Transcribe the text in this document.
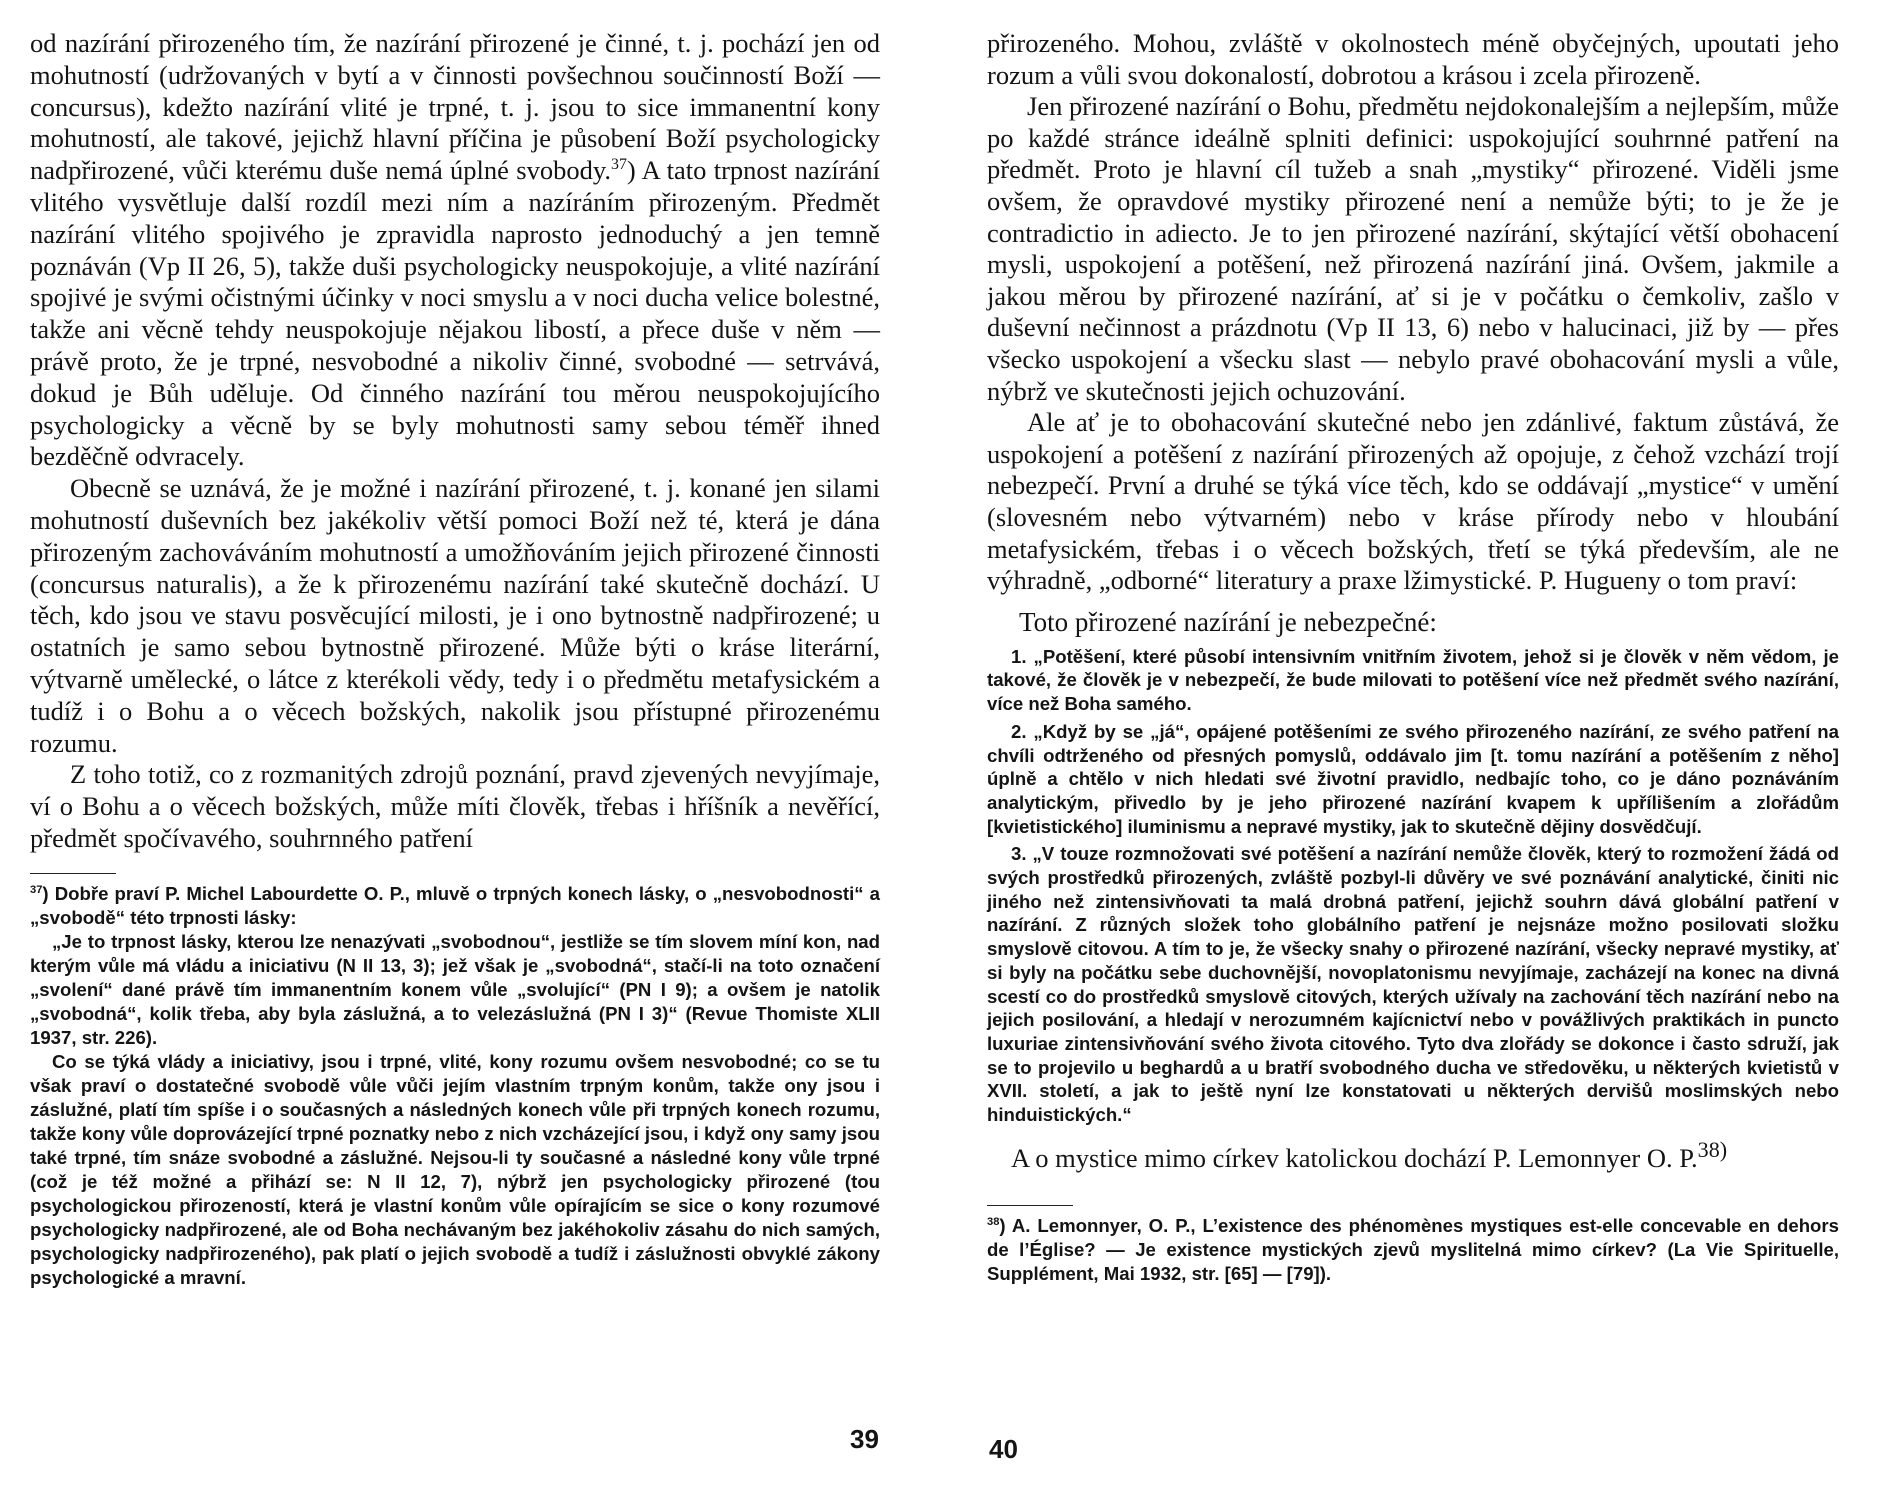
od nazírání přirozeného tím, že nazírání přirozené je činné, t. j. pochází jen od mohutností (udržovaných v bytí a v činnosti povšechnou součinností Boží — concursus), kdežto nazírání vlité je trpné, t. j. jsou to sice immanentní kony mohutností, ale takové, jejichž hlavní příčina je působení Boží psychologicky nadpřirozené, vůči kterému duše nemá úplné svobody.$^{37}$) A tato trpnost nazírání vlitého vysvětluje další rozdíl mezi ním a nazíráním přirozeným. Předmět nazírání vlitého spojivého je zpravidla naprosto jednoduchý a jen temně poznáván (Vp II 26, 5), takže duši psychologicky neuspokojuje, a vlité nazírání spojivé je svými očistnými účinky v noci smyslu a v noci ducha velice bolestné, takže ani věcně tehdy neuspokojuje nějakou libostí, a přece duše v něm — právě proto, že je trpné, nesvobodné a nikoliv činné, svobodné — setrvává, dokud je Bůh uděluje. Od činného nazírání tou měrou neuspokojujícího psychologicky a věcně by se byly mohutnosti samy sebou téměř ihned bezděčně odvracely.

Obecně se uznává, že je možné i nazírání přirozené, t. j. konané jen silami mohutností duševních bez jakékoliv větší pomoci Boží než té, která je dána přirozeným zachováváním mohutností a umožňováním jejich přirozené činnosti (concursus naturalis), a že k přirozenému nazírání také skutečně dochází. U těch, kdo jsou ve stavu posvěcující milosti, je i ono bytnostně nadpřirozené; u ostatních je samo sebou bytnostně přirozené. Může býti o kráse literární, výtvarně umělecké, o látce z kterékoli vědy, tedy i o předmětu metafysickém a tudíž i o Bohu a o věcech božských, nakolik jsou přístupné přirozenému rozumu.

Z toho totiž, co z rozmanitých zdrojů poznání, pravd zjevených nevyjímaje, ví o Bohu a o věcech božských, může míti člověk, třebas i hříšník a nevěřící, předmět spočívavého, souhrnného patření

$^{37}$) Dobře praví P. Michel Labourdette O. P., mluvě o trpných konech lásky, o „nesvobodnosti“ a „svobodě“ této trpnosti lásky:

„Je to trpnost lásky, kterou lze nenazývati „svobodnou“, jestliže se tím slovem míní kon, nad kterým vůle má vládu a iniciativu (N II 13, 3); jež však je „svobodná“, stačí-li na toto označení „svolení“ dané právě tím immanentním konem vůle „svolující“ (PN I 9); a ovšem je natolik „svobodná“, kolik třeba, aby byla záslužná, a to velezáslužná (PN I 3)“ (Revue Thomiste XLII 1937, str. 226).

Co se týká vlády a iniciativy, jsou i trpné, vlité, kony rozumu ovšem nesvobodné; co se tu však praví o dostatečné svobodě vůle vůči jejím vlastním trpným konům, takže ony jsou i záslužné, platí tím spíše i o současných a následných konech vůle při trpných konech rozumu, takže kony vůle doprovázející trpné poznatky nebo z nich vzcházející jsou, i když ony samy jsou také trpné, tím snáze svobodné a záslužné. Nejsou-li ty současné a následné kony vůle trpné (což je též možné a přihází se: N II 12, 7), nýbrž jen psychologicky přirozené (tou psychologickou přirozeností, která je vlastní konům vůle opírajícím se sice o kony rozumové psychologicky nadpřirozené, ale od Boha nechávaným bez jakéhokoliv zásahu do nich samých, psychologicky nadpřirozeného), pak platí o jejich svobodě a tudíž i záslužnosti obvyklé zákony psychologické a mravní.

39

přirozeného. Mohou, zvláště v okolnostech méně obyčejných, upoutati jeho rozum a vůli svou dokonalostí, dobrotou a krásou i zcela přirozeně.

Jen přirozené nazírání o Bohu, předmětu nejdokonalejším a nejlepším, může po každé stránce ideálně splniti definici: uspokojující souhrnné patření na předmět. Proto je hlavní cíl tužeb a snah „mystiky“ přirozené. Viděli jsme ovšem, že opravdové mystiky přirozené není a nemůže býti; to je že je contradictio in adiecto. Je to jen přirozené nazírání, skýtající větší obohacení mysli, uspokojení a potěšení, než přirozená nazírání jiná. Ovšem, jakmile a jakou měrou by přirozené nazírání, ať si je v počátku o čemkoliv, zašlo v duševní nečinnost a prázdnotu (Vp II 13, 6) nebo v halucinaci, již by — přes všecko uspokojení a všecku slast — nebylo pravé obohacování mysli a vůle, nýbrž ve skutečnosti jejich ochuzování.

Ale ať je to obohacování skutečné nebo jen zdánlivé, faktum zůstává, že uspokojení a potěšení z nazírání přirozených až opojuje, z čehož vzchází trojí nebezpečí. První a druhé se týká více těch, kdo se oddávají „mystice“ v umění (slovesném nebo výtvarném) nebo v kráse přírody nebo v hloubání metafysickém, třebas i o věcech božských, třetí se týká především, ale ne výhradně, „odborné“ literatury a praxe lžimystické. P. Hugueny o tom praví:

Toto přirozené nazírání je nebezpečné:

1. „Potěšení, které působí intensivním vnitřním životem, jehož si je člověk v něm vědom, je takové, že člověk je v nebezpečí, že bude milovati to potěšení více než předmět svého nazírání, více než Boha samého.

2. „Když by se „já“, opájené potěšeními ze svého přirozeného nazírání, ze svého patření na chvíli odtrženého od přesných pomyslů, oddávalo jim [t. tomu nazírání a potěšením z něho] úplně a chtělo v nich hledati své životní pravidlo, nedbajíc toho, co je dáno poznáváním analytickým, přivedlo by je jeho přirozené nazírání kvapem k upřílišením a zlořádům [kvietistického] iluminismu a nepravé mystiky, jak to skutečně dějiny dosvědčují.

3. „V touze rozmnožovati své potěšení a nazírání nemůže člověk, který to rozmožení žádá od svých prostředků přirozených, zvláště pozbyl-li důvěry ve své poznávání analytické, činiti nic jiného než zintensivňovati ta malá drobná patření, jejichž souhrn dává globální patření v nazírání. Z různých složek toho globálního patření je nejsnáze možno posilovati složku smyslově citovou. A tím to je, že všecky snahy o přirozené nazírání, všecky nepravé mystiky, ať si byly na počátku sebe duchovnější, novoplatonismu nevyjímaje, zacházejí na konec na divná scestí co do prostředků smyslově citových, kterých užívaly na zachování těch nazírání nebo na jejich posilování, a hledají v nerozumném kajícnictví nebo v povážlivých praktikách in puncto luxuriae zintensivňování svého života citového. Tyto dva zlořády se dokonce i často sdruží, jak se to projevilo u beghardů a u bratří svobodného ducha ve středověku, u některých kvietistů v XVII. století, a jak to ještě nyní lze konstatovati u některých dervišů moslimských nebo hinduistických.“

A o mystice mimo církev katolickou dochází P. Lemonnyer O. P.$^{38)}$

$^{38}$) A. Lemonnyer, O. P., L’existence des phénomènes mystiques est-elle concevable en dehors de l’Église? — Je existence mystických zjevů myslitelná mimo církev? (La Vie Spirituelle, Supplément, Mai 1932, str. [65] — [79]).

40
